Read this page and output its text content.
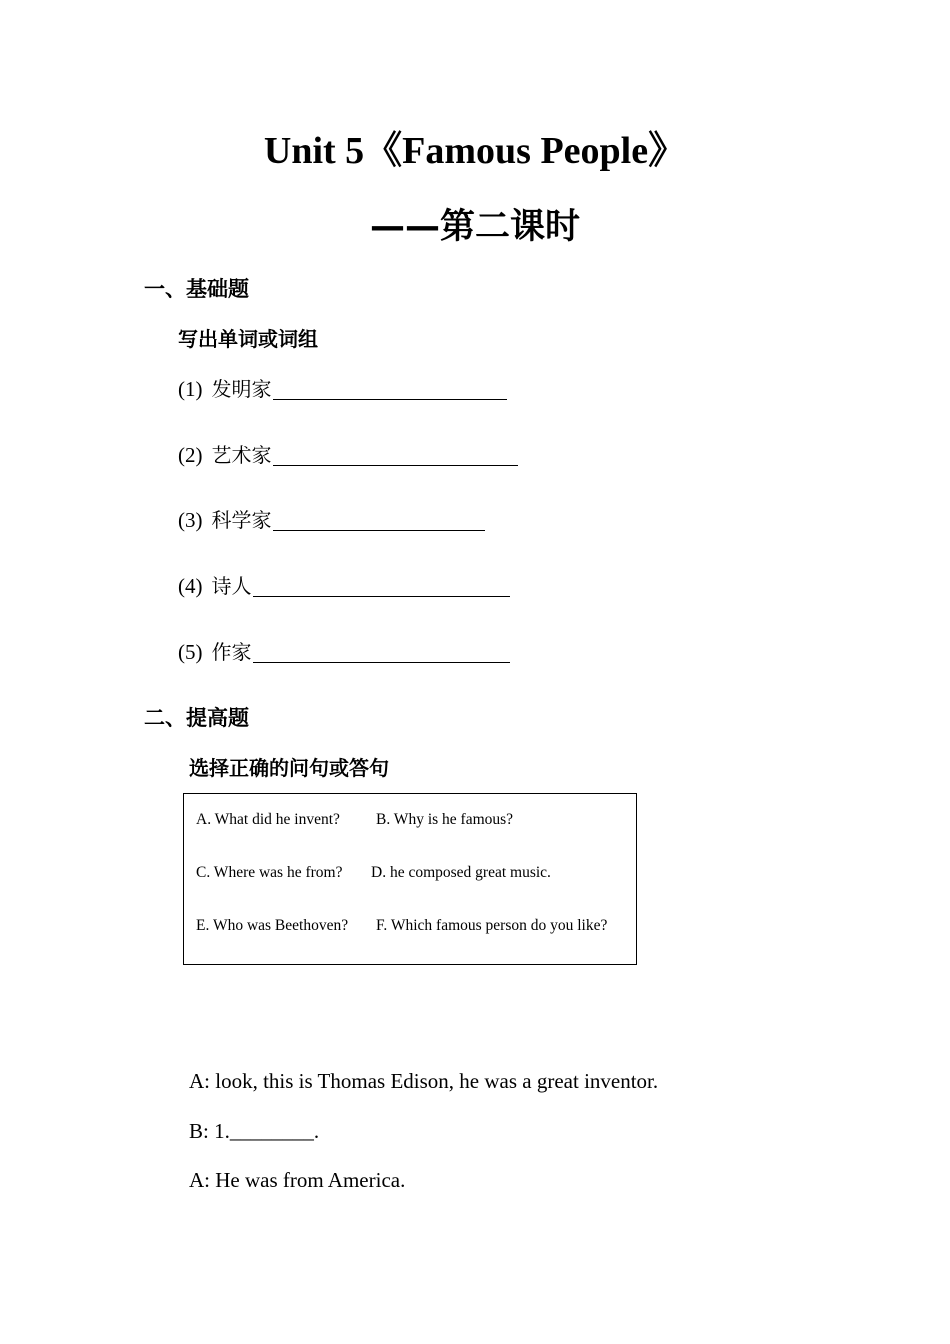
Unit 5《Famous People》
——第二课时
一、基础题
写出单词或词组
(1) 发明家
(2) 艺术家
(3) 科学家
(4) 诗人
(5) 作家
二、提高题
选择正确的问句或答句
A. What did he invent? B. Why is he famous?
C. Where was he from? D. he composed great music.
E. Who was Beethoven? F. Which famous person do you like?
A: look, this is Thomas Edison, he was a great inventor.
B: 1.________.
A: He was from America.
